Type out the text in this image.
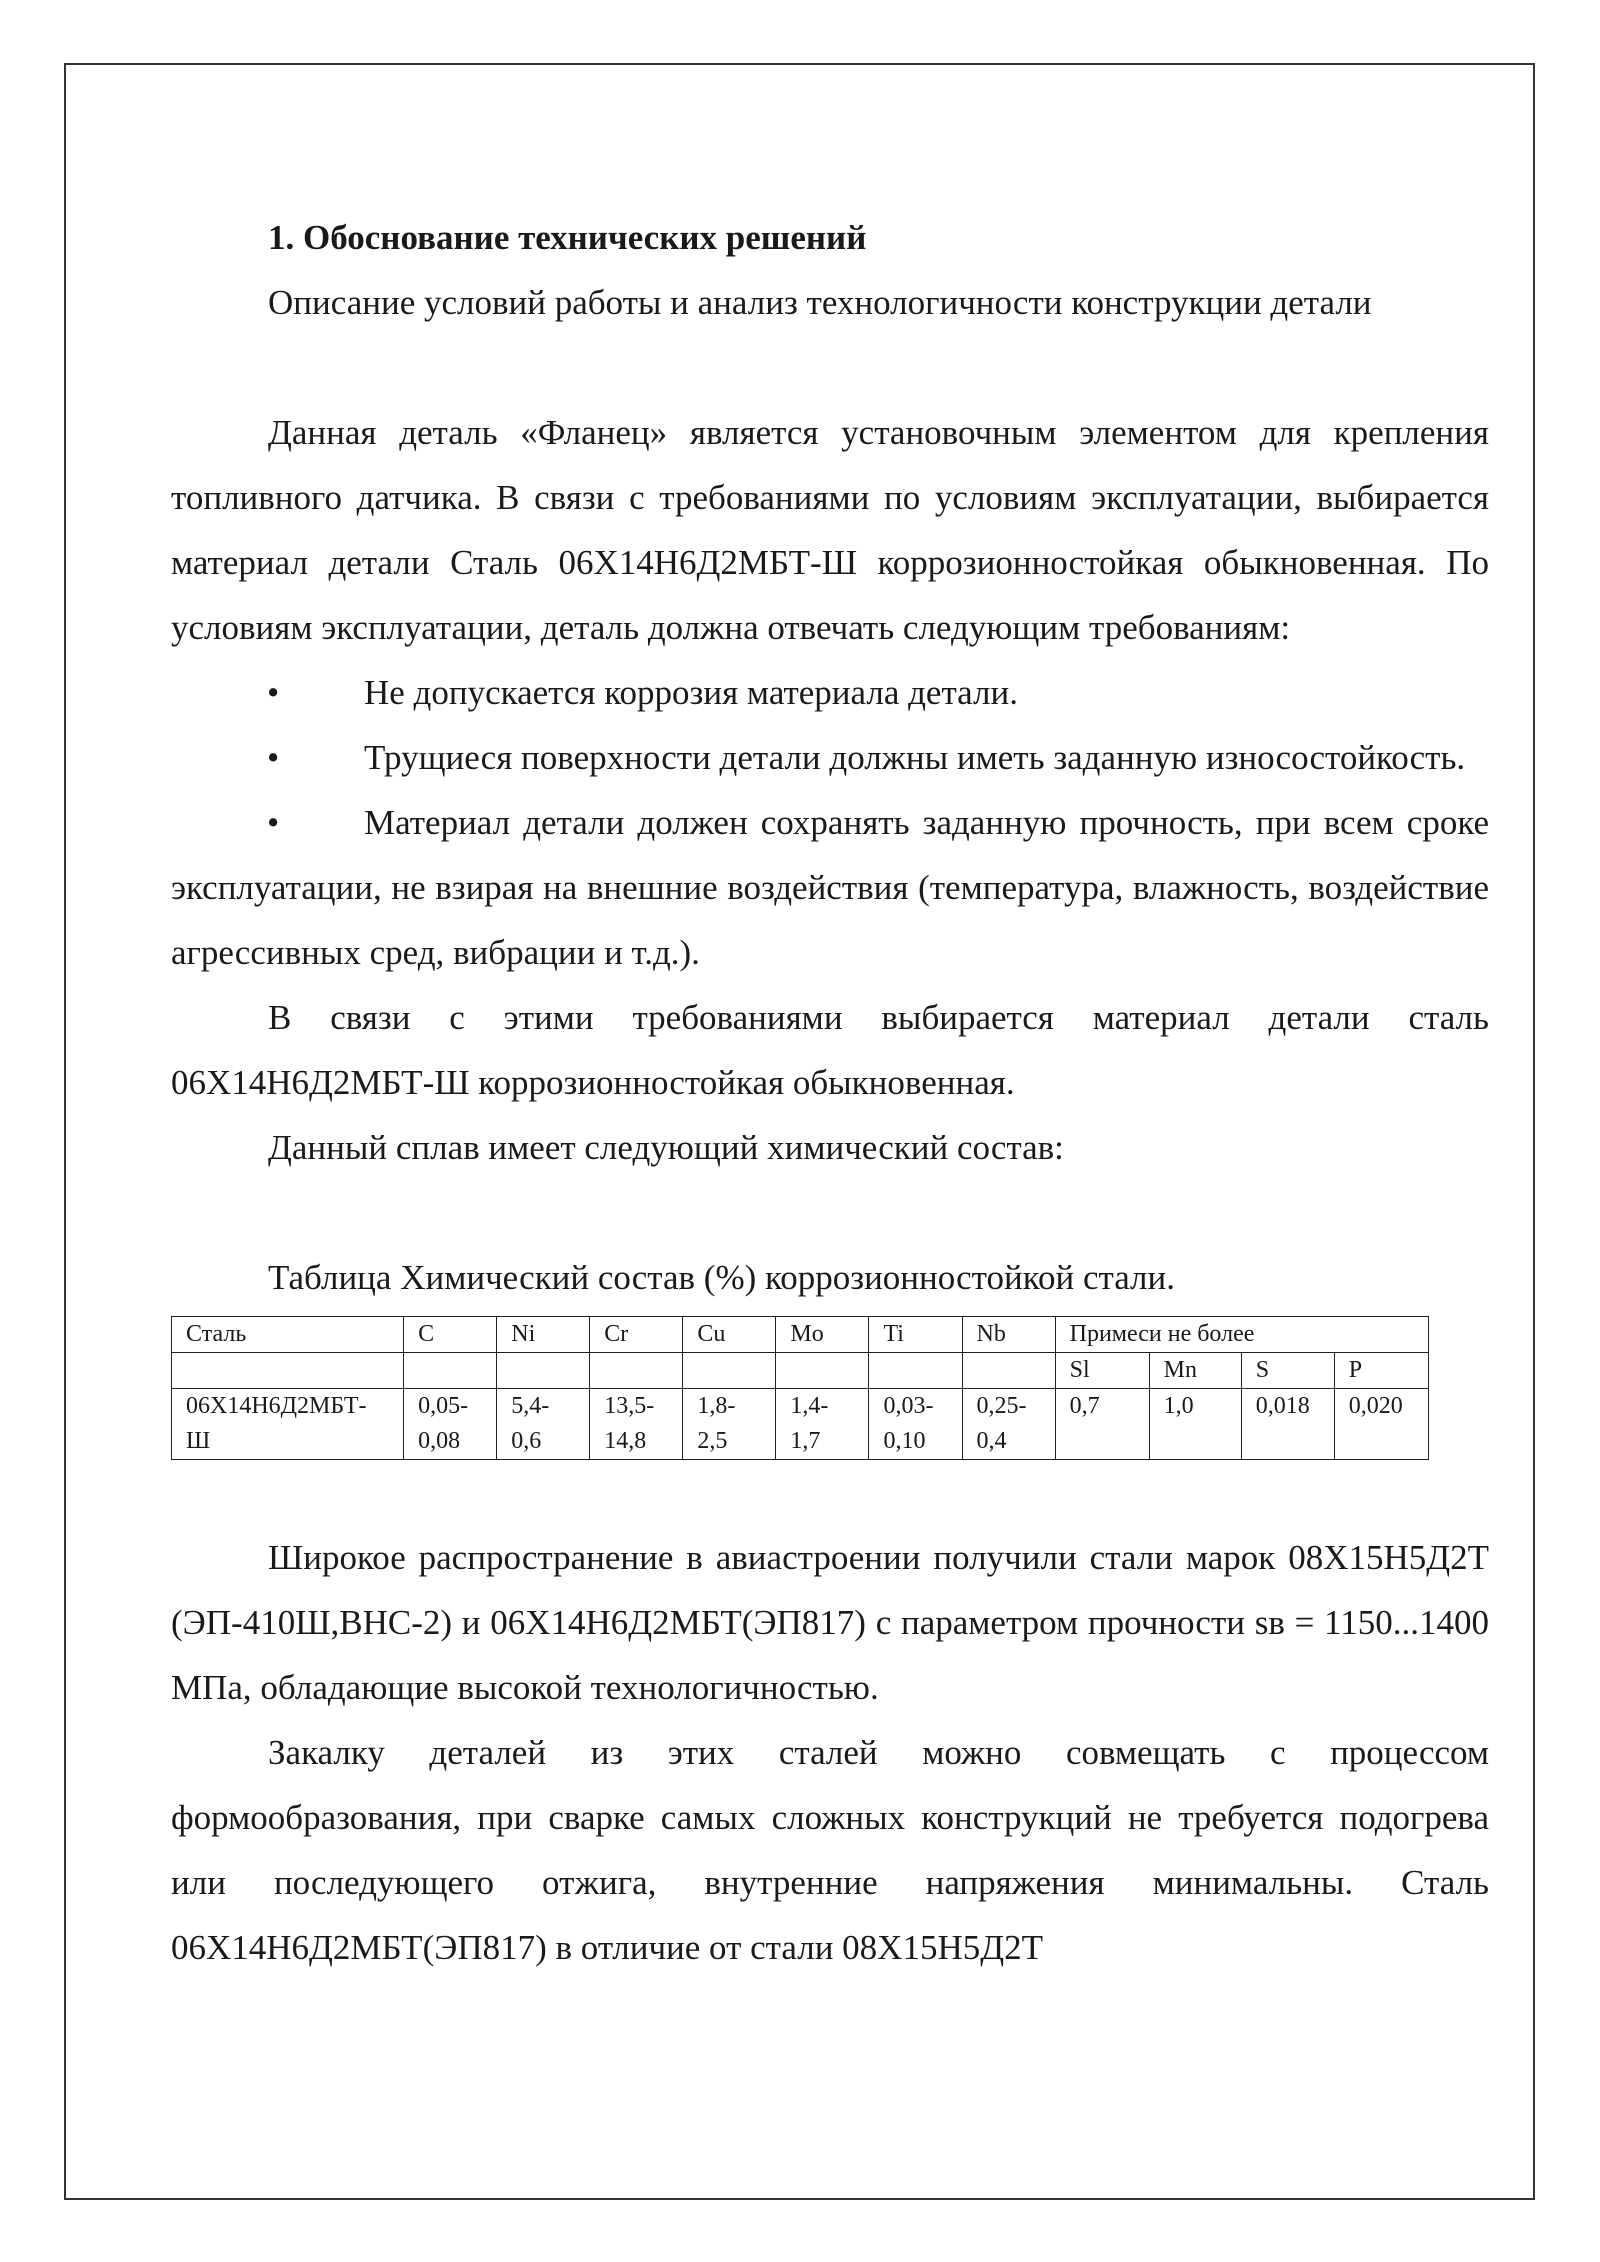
1. Обоснование технических решений

Описание условий работы и анализ технологичности конструкции детали

Данная деталь «Фланец» является установочным элементом для крепления топливного датчика. В связи с требованиями по условиям эксплуатации, выбирается материал детали Сталь 06Х14Н6Д2МБТ-Ш коррозионностойкая обыкновенная. По условиям эксплуатации, деталь должна отвечать следующим требованиям:

• Не допускается коррозия материала детали.

• Трущиеся поверхности детали должны иметь заданную износостойкость.

• Материал детали должен сохранять заданную прочность, при всем сроке эксплуатации, не взирая на внешние воздействия (температура, влажность, воздействие агрессивных сред, вибрации и т.д.).

В связи с этими требованиями выбирается материал детали сталь 06Х14Н6Д2МБТ-Ш коррозионностойкая обыкновенная.

Данный сплав имеет следующий химический состав:

Таблица Химический состав (%) коррозионностойкой стали.

Сталь	C	Ni	Cr	Cu	Mo	Ti	Nb	Примеси не более			
								Sl	Mn	S	P
06Х14Н6Д2МБТ-Ш	0,05-0,08	5,4-0,6	13,5-14,8	1,8-2,5	1,4-1,7	0,03-0,10	0,25-0,4	0,7	1,0	0,018	0,020

Широкое распространение в авиастроении получили стали марок 08Х15Н5Д2Т (ЭП-410Ш,ВНС-2) и 06Х14Н6Д2МБТ(ЭП817) с параметром прочности sв = 1150...1400 МПа, обладающие высокой технологичностью.

Закалку деталей из этих сталей можно совмещать с процессом формообразования, при сварке самых сложных конструкций не требуется подогрева или последующего отжига, внутренние напряжения минимальны. Сталь 06Х14Н6Д2МБТ(ЭП817) в отличие от стали 08Х15Н5Д2Т
